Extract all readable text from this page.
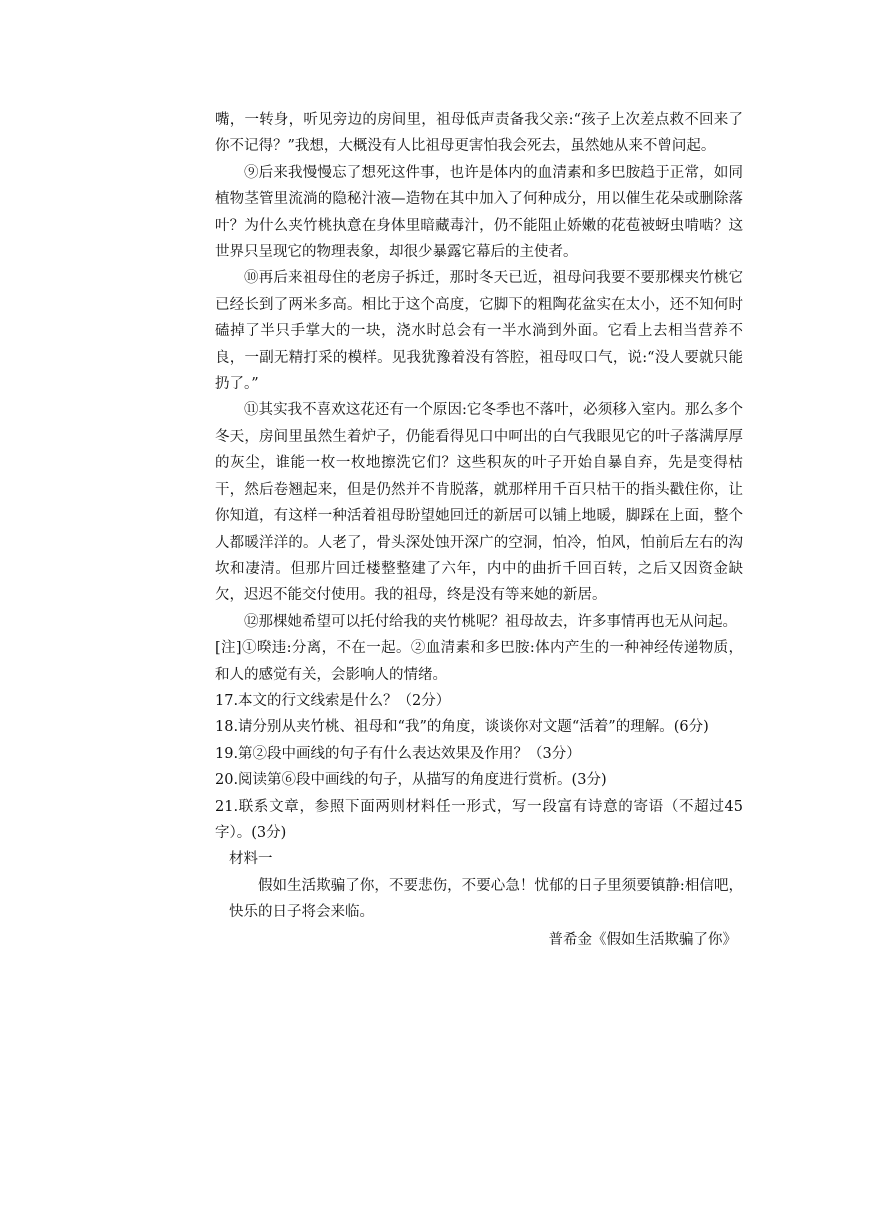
嘴，一转身，听见旁边的房间里，祖母低声责备我父亲:“孩子上次差点救不回来了你不记得？”我想，大概没有人比祖母更害怕我会死去，虽然她从来不曾问起。

⑨后来我慢慢忘了想死这件事，也许是体内的血清素和多巴胺趋于正常，如同植物茎管里流淌的隐秘汁液—造物在其中加入了何种成分，用以催生花朵或删除落叶？为什么夹竹桃执意在身体里暗藏毒汁，仍不能阻止娇嫩的花苞被蚜虫啃啮？这世界只呈现它的物理表象，却很少暴露它幕后的主使者。

⑩再后来祖母住的老房子拆迁，那时冬天已近，祖母问我要不要那棵夹竹桃它已经长到了两米多高。相比于这个高度，它脚下的粗陶花盆实在太小，还不知何时磕掉了半只手掌大的一块，浇水时总会有一半水淌到外面。它看上去相当营养不良，一副无精打采的模样。见我犹豫着没有答腔，祖母叹口气，说:“没人要就只能扔了。”

⑪其实我不喜欢这花还有一个原因:它冬季也不落叶，必须移入室内。那么多个冬天，房间里虽然生着炉子，仍能看得见口中呵出的白气我眼见它的叶子落满厚厚的灰尘，谁能一枚一枚地擦洗它们？这些积灰的叶子开始自暴自弃，先是变得枯干，然后卷翘起来，但是仍然并不肯脱落，就那样用千百只枯干的指头戳住你，让你知道，有这样一种活着祖母盼望她回迁的新居可以铺上地暖，脚踩在上面，整个人都暖洋洋的。人老了，骨头深处蚀开深广的空洞，怕冷，怕风，怕前后左右的沟坎和凄清。但那片回迁楼整整建了六年，内中的曲折千回百转，之后又因资金缺欠，迟迟不能交付使用。我的祖母，终是没有等来她的新居。

⑫那棵她希望可以托付给我的夹竹桃呢？祖母故去，许多事情再也无从问起。

[注]①暌违:分离，不在一起。②血清素和多巴胺:体内产生的一种神经传递物质，和人的感觉有关，会影响人的情绪。

17.本文的行文线索是什么？（2分）

18.请分别从夹竹桃、祖母和“我”的角度，谈谈你对文题“活着”的理解。(6分)

19.第②段中画线的句子有什么表达效果及作用？（3分）

20.阅读第⑥段中画线的句子，从描写的角度进行赏析。(3分)

21.联系文章，参照下面两则材料任一形式，写一段富有诗意的寄语（不超过45字）。(3分)

材料一

假如生活欺骗了你，不要悲伤，不要心急！忧郁的日子里须要镇静:相信吧，快乐的日子将会来临。

普希金《假如生活欺骗了你》
